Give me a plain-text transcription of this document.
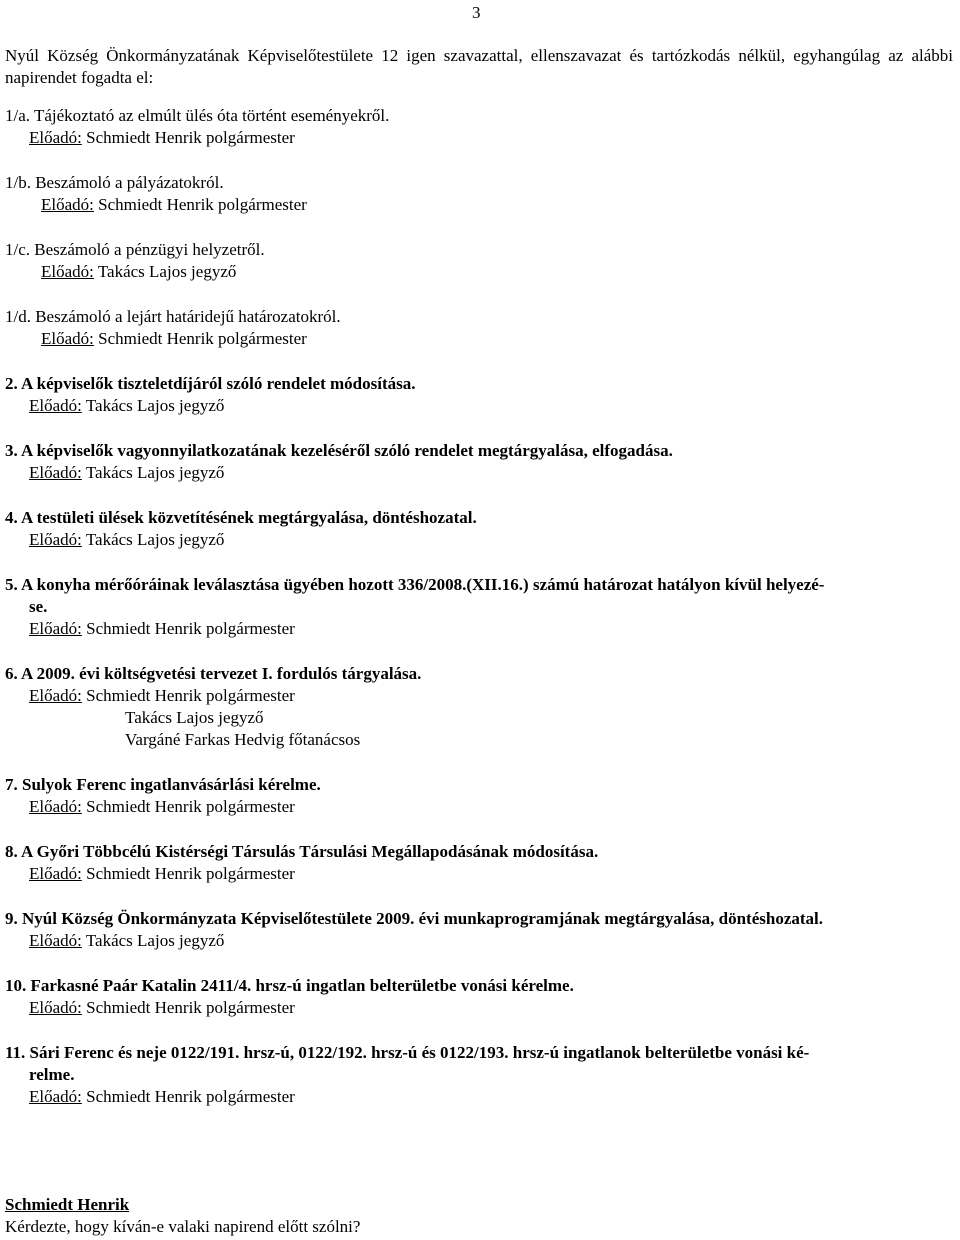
3
Nyúl Község Önkormányzatának Képviselőtestülete 12 igen szavazattal, ellenszavazat és tartózkodás nélkül, egyhangúlag az alábbi napirendet fogadta el:
1/a. Tájékoztató az elmúlt ülés óta történt eseményekről.
Előadó: Schmiedt Henrik polgármester
1/b. Beszámoló a pályázatokról.
Előadó: Schmiedt Henrik polgármester
1/c. Beszámoló a pénzügyi helyzetről.
Előadó: Takács Lajos jegyző
1/d. Beszámoló a lejárt határidejű határozatokról.
Előadó: Schmiedt Henrik polgármester
2. A képviselők tiszteletdíjáról szóló rendelet módosítása.
Előadó: Takács Lajos jegyző
3. A képviselők vagyonnyilatkozatának kezeléséről szóló rendelet megtárgyalása, elfogadása.
Előadó: Takács Lajos jegyző
4. A testületi ülések közvetítésének megtárgyalása, döntéshozatal.
Előadó: Takács Lajos jegyző
5. A konyha mérőóráinak leválasztása ügyében hozott 336/2008.(XII.16.) számú határozat hatályon kívül helyezé-
se.
Előadó: Schmiedt Henrik polgármester
6. A 2009. évi költségvetési tervezet I. fordulós tárgyalása.
Előadó: Schmiedt Henrik polgármester
Takács Lajos jegyző
Vargáné Farkas Hedvig főtanácsos
7. Sulyok Ferenc ingatlanvásárlási kérelme.
Előadó: Schmiedt Henrik polgármester
8. A Győri Többcélú Kistérségi Társulás Társulási Megállapodásának módosítása.
Előadó: Schmiedt Henrik polgármester
9. Nyúl Község Önkormányzata Képviselőtestülete 2009. évi munkaprogramjának megtárgyalása, döntéshozatal.
Előadó: Takács Lajos jegyző
10. Farkasné Paár Katalin 2411/4. hrsz-ú ingatlan belterületbe vonási kérelme.
Előadó: Schmiedt Henrik polgármester
11. Sári Ferenc és neje 0122/191. hrsz-ú, 0122/192. hrsz-ú és 0122/193. hrsz-ú ingatlanok belterületbe vonási ké-
relme.
Előadó: Schmiedt Henrik polgármester
Schmiedt Henrik
Kérdezte, hogy kíván-e valaki napirend előtt szólni?
